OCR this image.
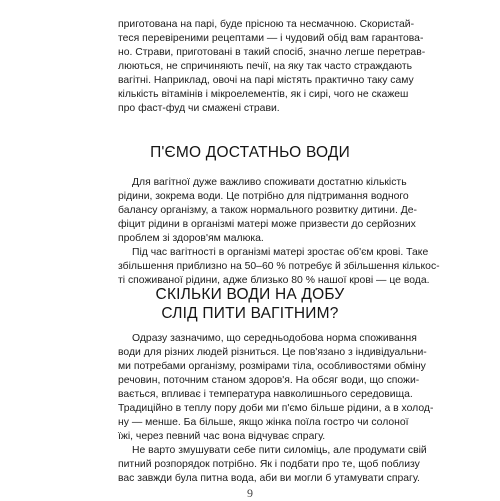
приготована на парі, буде прісною та несмачною. Скористай-
теся перевіреними рецептами — і чудовий обід вам гарантова-
но. Страви, приготовані в такий спосіб, значно легше перетрав-
люються, не спричиняють печії, на яку так часто страждають
вагітні. Наприклад, овочі на парі містять практично таку саму
кількість вітамінів і мікроелементів, як і сирі, чого не скажеш
про фаст-фуд чи смажені страви.
П'ЄМО ДОСТАТНЬО ВОДИ
Для вагітної дуже важливо споживати достатню кількість
рідини, зокрема води. Це потрібно для підтримання водного
балансу організму, а також нормального розвитку дитини. Де-
фіцит рідини в організмі матері може призвести до серйозних
проблем зі здоров'ям малюка.
Під час вагітності в організмі матері зростає об'єм крові. Таке
збільшення приблизно на 50–60 % потребує й збільшення кількос-
ті споживаної рідини, адже близько 80 % нашої крові — це вода.
СКІЛЬКИ ВОДИ НА ДОБУ
СЛІД ПИТИ ВАГІТНИМ?
Одразу зазначимо, що середньодобова норма споживання
води для різних людей різниться. Це пов'язано з індивідуальни-
ми потребами організму, розмірами тіла, особливостями обміну
речовин, поточним станом здоров'я. На обсяг води, що спожи-
вається, впливає і температура навколишнього середовища.
Традиційно в теплу пору доби ми п'ємо більше рідини, а в холод-
ну — менше. Ба більше, якщо жінка поїла гостро чи солоної
їжі, через певний час вона відчуває спрагу.
Не варто змушувати себе пити силоміць, але продумати свій
питний розпорядок потрібно. Як і подбати про те, щоб поблизу
вас завжди була питна вода, аби ви могли б утамувати спрагу.
9
